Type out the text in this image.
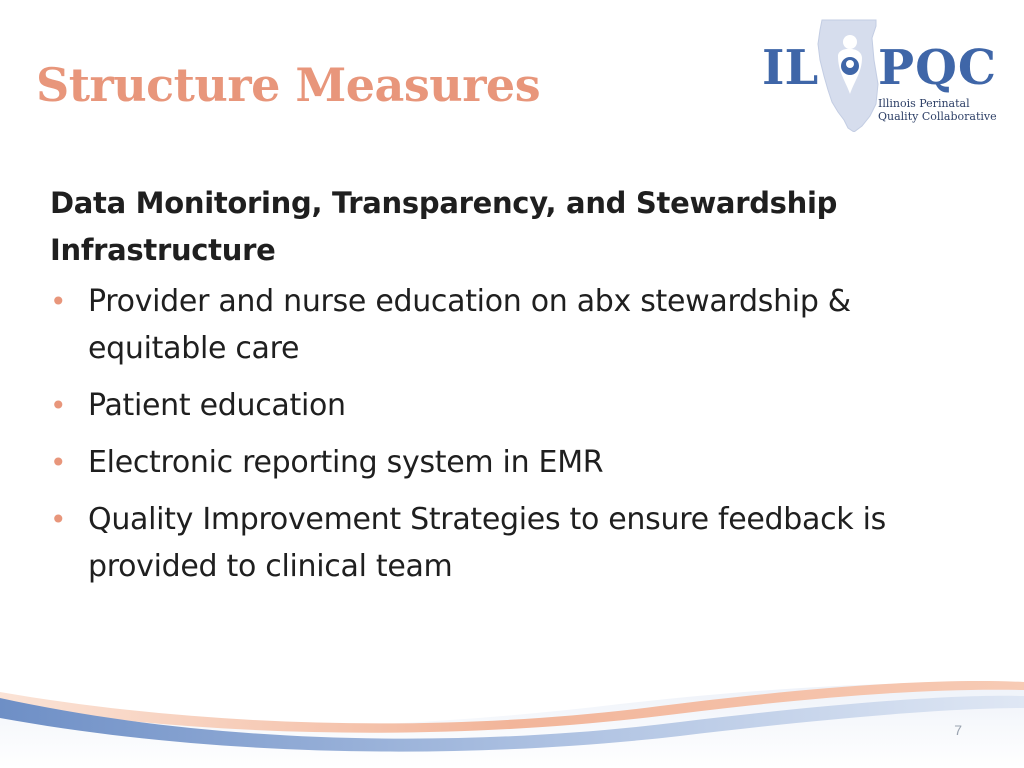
Structure Measures	IL PQC
Illinois Perinatal
Quality Collaborative

Data Monitoring, Transparency, and Stewardship Infrastructure

• Provider and nurse education on abx stewardship & equitable care
• Patient education
• Electronic reporting system in EMR
• Quality Improvement Strategies to ensure feedback is provided to clinical team
7
